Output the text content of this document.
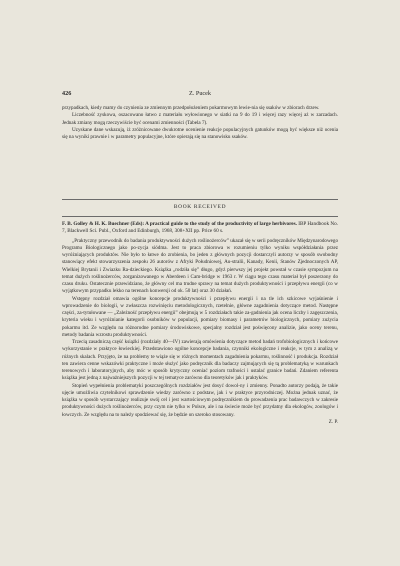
426	Z. Pucek

przypadkach, kiedy mamy do czynienia ze zmiennym przedpołożeniem pokarmowym lewie-nia się ssaków w zbiorach drzew.

Liczebność zyskowa, oszacowano łatwo z materiału wyłowionego w siatki na 9 do 19 i więcej razy więcej aż w zarzadach. Jednak zmiany mogą rzeczywiście być ocenami zmienności (Tabela 7).

Uzyskane dane wskazują, iż zróżnicowane dwukrotne ocenienie reakcje populacyjnych gatunków mogą być większe niż ocenia się na wyniki prawnie i w parametry populacyjne, które opierają się na stanowisku ssaków.

BOOK RECEIVED

F. B. Golley & H. K. Buechner (Eds): A practical guide to the study of the productivity of large herbivores. IBP Handbook No. 7, Blackwell Sci. Publ., Oxford and Edinburgh, 1968, 308+XII pp. Price 60 s.

„Praktyczny przewodnik do badania produktywności dużych roślinożerców” ukazał się w serii podręczników Międzynarodowego Programu Biologicznego jako po-zycja siódma. Jest to praca zbiorowa w rozumieniu tylko wyniku współdziałania przez wyróżniających produktów. Nie było to łatwe do zrobienia, bo jeden z głównych pozycji dostarczyli autorzy w sposób swobodny stanowiący efekt stowarzyszenia zespołu 26 autorów z Afryki Południowej, Au-stralii, Kanady, Kenii, Stanów Zjednoczonych AP, Wielkiej Brytanii i Zwiazku Ra-dzieckiego. Książka „rodziła się” długo, gdyż pierwszy jej projekt powstał w czasie sympozjum na temat dużych roślinożerców, zorganizowanego w Aberdeen i Cam-bridge w 1963 r. W ciągu tego czasu materiał był poszerzony do czasu druku. Ostatecznie przewidziano, że główny cel ma trudne sprawy na temat dużych produktywności i przepływu energii (co w wyjątkowym przypadku lekko na terenach konwersji od ok. 50 lat) oraz 30 działań.

Wstępny rozdział omawia ogólne koncepcje produktywności i przepływu energii i na tle ich szkicowe wyjaśnienie i wprowadzenie do biologii, w zwłaszcza rozwinięciu metodologicznych, rzetelnie, główne zagadnienia dotyczące metod. Następne części, za-tytułowane — „Zależność przepływu energii” obejmują w 5 rozdziałach takie za-gadnienia jak ocena liczby i zagęszczenia, kryteria wieku i wyróżnianie kategorii osobników w populacji, pomiary biomasy i parametrów biologicznych, pomiary zużycia pokarmu itd. Ze względu na różnorodne pomiary środowiskowe, specjalny rozdział jest poświęcony analizie, jako oceny terenu, metody badania wzrostu produktywności.

Trzecią zasadniczą część książki (rozdziały 40—IV) zawierają omówienia dotyczące metod badań trofobiologicznych i końcowe wykorzystanie w praktyce łowieckiej. Przedstawiono ogólne koncepcje badania, czynniki ekologiczne i reakcje, w tym z analizą w różnych skalach. Przyjęto, że na problemy te wiąże się w różnych momentach zagadnienia pokarmu, roślinność i produkcja. Rozdział ten zawiera cenne wskazówki praktyczne i może służyć jako podręcznik dla badaczy zajmujących się tą problematyką w warunkach terenowych i laboratoryjnych, aby móc w sposób krytyczny oceniać poziom trafności i ustalać granice badań. Zdaniem referenta książka jest jedną z najważniejszych pozycji w tej tematyce zarówno dla teoretyków jak i praktyków.

Stopień wypełnienia problematyki poszczególnych rozdziałów jest dosyć dowol-ny i zmienny. Ponadto autorzy podają, że takie ujęcie umożliwia czytelnikowi sprawdzenie wiedzy zarówno z podstaw, jak i w praktyce przyrodniczej. Można jednak uznać, że książka w sposób wystarczający realizuje swój cel i jest wartościowym podręcznikiem do prowadzenia prac badawczych w zakresie produktywności dużych roślinożerców, przy czym nie tylko w Polsce, ale i na świecie może być przydatny dla ekologów, zoologów i łowczych. Ze względu na to należy spodziewać się, że będzie on szeroko stosowany.

Z. P.
